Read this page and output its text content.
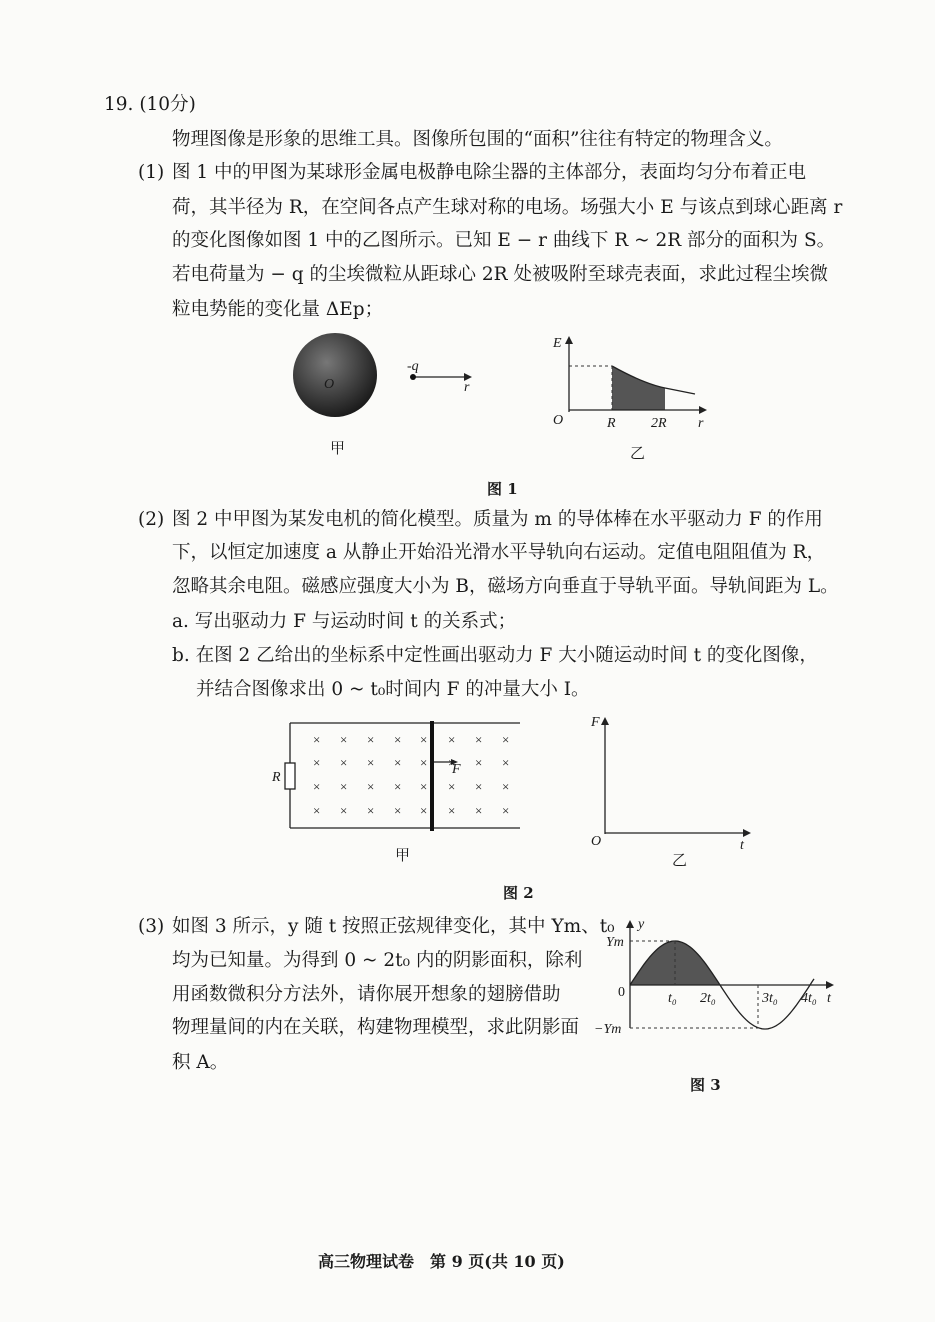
19. (10分)
物理图像是形象的思维工具。图像所包围的“面积”往往有特定的物理含义。
(1) 图 1 中的甲图为某球形金属电极静电除尘器的主体部分，表面均匀分布着正电
荷，其半径为 R，在空间各点产生球对称的电场。场强大小 E 与该点到球心距离 r
的变化图像如图 1 中的乙图所示。已知 E − r 曲线下 R ~ 2R 部分的面积为 S。
若电荷量为 − q 的尘埃微粒从距球心 2R 处被吸附至球壳表面，求此过程尘埃微
粒电势能的变化量 ΔEp；
O
-q
r
甲
E
O	R	2R r
乙
图 1
(2) 图 2 中甲图为某发电机的简化模型。质量为 m 的导体棒在水平驱动力 F 的作用
下，以恒定加速度 a 从静止开始沿光滑水平导轨向右运动。定值电阻阻值为 R，
忽略其余电阻。磁感应强度大小为 B，磁场方向垂直于导轨平面。导轨间距为 L。
a. 写出驱动力 F 与运动时间 t 的关系式；
b. 在图 2 乙给出的坐标系中定性画出驱动力 F 大小随运动时间 t 的变化图像，
并结合图像求出 0 ~ t₀时间内 F 的冲量大小 I。
R
F
× × × × × × × ×
× × × × × × × ×
× × × × × × × ×
× × × × × × × ×
甲
F
O	t
乙
图 2
(3) 如图 3 所示，y 随 t 按照正弦规律变化，其中 Ym、t₀
均为已知量。为得到 0 ~ 2t₀ 内的阴影面积，除利
用函数微积分方法外，请你展开想象的翅膀借助
物理量间的内在关联，构建物理模型，求此阴影面
积 A。
y
Ym
0
−Ym
t₀ 2t₀	3t₀ 4t₀ t
图 3
高三物理试卷　第 9 页(共 10 页)
